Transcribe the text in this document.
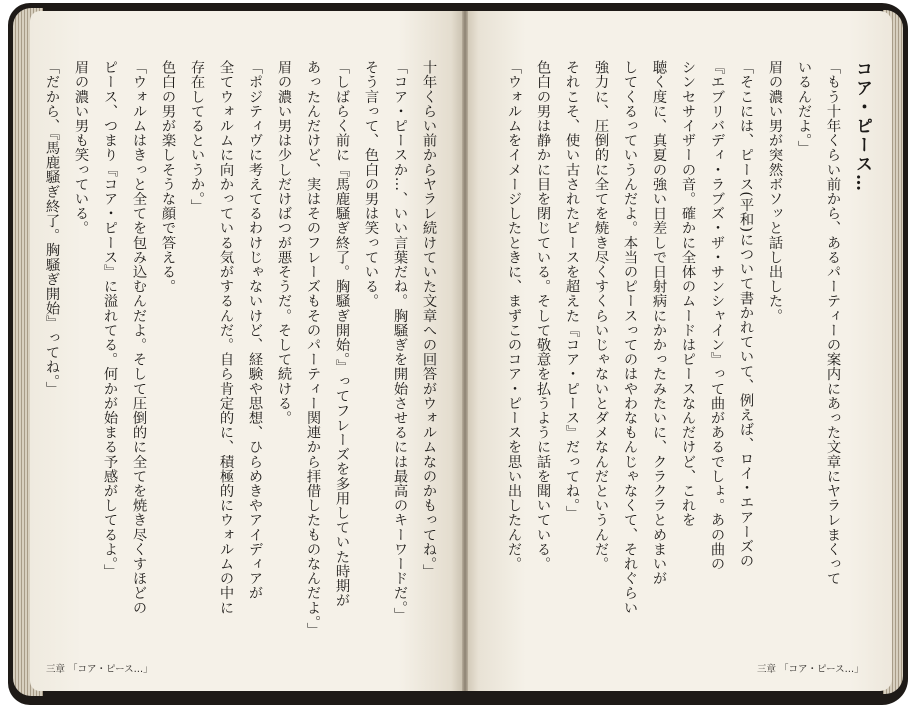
コア・ピース…
「もう十年くらい前から、あるパーティーの案内にあった文章にヤラレまくって
いるんだよ。」
眉の濃い男が突然ボソッと話し出した。
「そこには、ピース(平和)について書かれていて、例えば、ロイ・エアーズの
『エブリバディ・ラブズ・ザ・サンシャイン』って曲があるでしょ。あの曲の
シンセサイザーの音。確かに全体のムードはピースなんだけど、これを
聴く度に、真夏の強い日差しで日射病にかかったみたいに、クラクラとめまいが
してくるっていうんだよ。本当のピースってのはやわなもんじゃなくて、それぐらい
強力に、圧倒的に全てを焼き尽くすくらいじゃないとダメなんだというんだ。
それこそ、使い古されたピースを超えた『コア・ピース』だってね。」
色白の男は静かに目を閉じている。そして敬意を払うように話を聞いている。
「ウォルムをイメージしたときに、まずこのコア・ピースを思い出したんだ。
三章 「コア・ピース…」
十年くらい前からヤラレ続けていた文章への回答がウォルムなのかもってね。」
「コア・ピースか…、いい言葉だね。胸騒ぎを開始させるには最高のキーワードだ。」
そう言って、色白の男は笑っている。
「しばらく前に『馬鹿騒ぎ終了。胸騒ぎ開始。』ってフレーズを多用していた時期が
あったんだけど、実はそのフレーズもそのパーティー関連から拝借したものなんだよ。」
眉の濃い男は少しだけばつが悪そうだ。そして続ける。
「ポジティヴに考えてるわけじゃないけど、経験や思想、ひらめきやアイディアが
全てウォルムに向かっている気がするんだ。自ら肯定的に、積極的にウォルムの中に
存在してるというか。」
色白の男が楽しそうな顔で答える。
「ウォルムはきっと全てを包み込むんだよ。そして圧倒的に全てを焼き尽くすほどの
ピース、つまり『コア・ピース』に溢れてる。何かが始まる予感がしてるよ。」
眉の濃い男も笑っている。
「だから、『馬鹿騒ぎ終了。胸騒ぎ開始』ってね。」
三章 「コア・ピース…」
